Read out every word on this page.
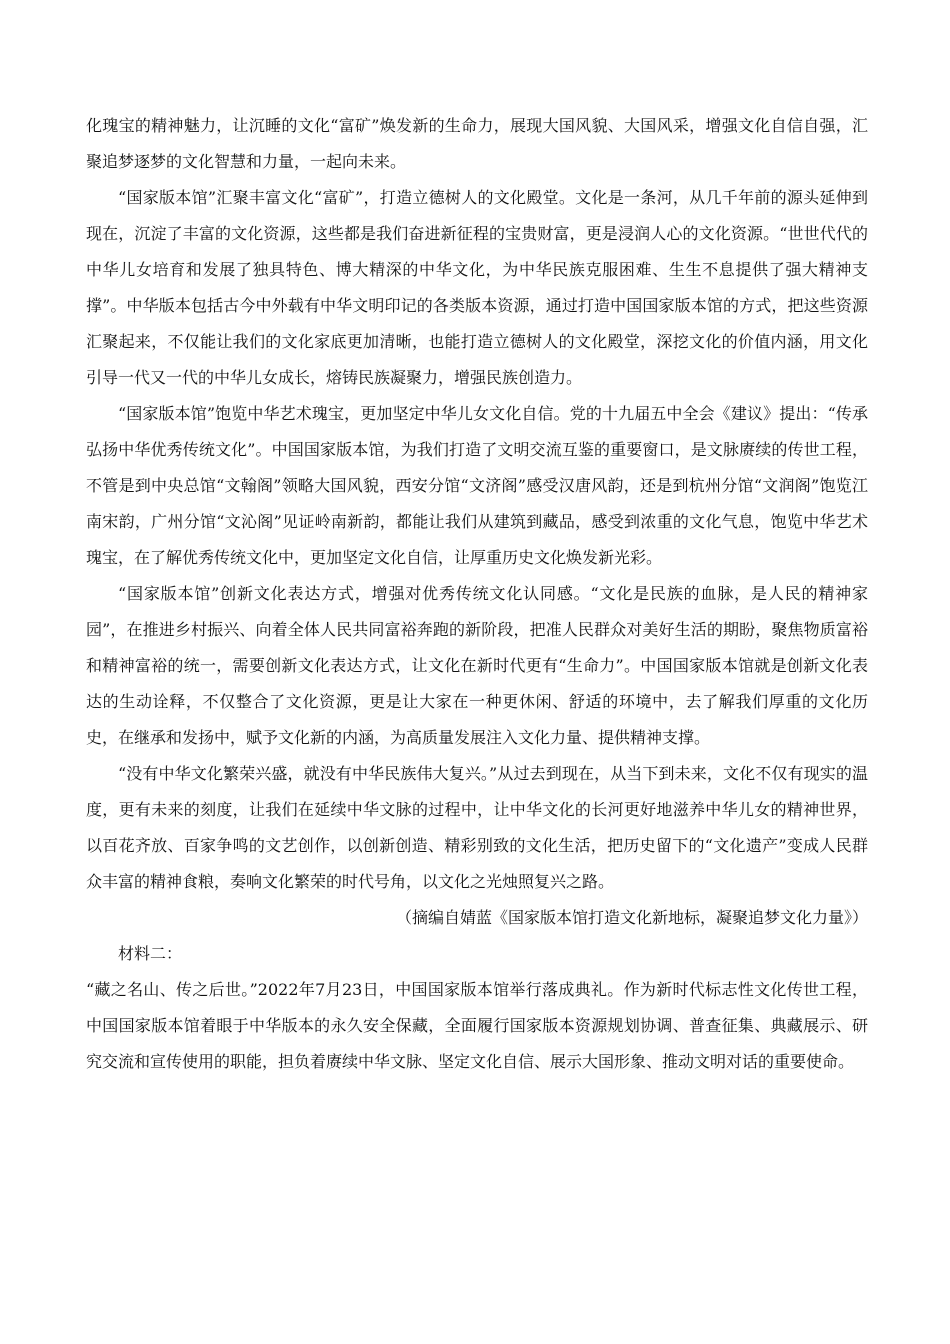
化瑰宝的精神魅力，让沉睡的文化“富矿”焕发新的生命力，展现大国风貌、大国风采，增强文化自信自强，汇聚追梦逐梦的文化智慧和力量，一起向未来。

“国家版本馆”汇聚丰富文化“富矿”，打造立德树人的文化殿堂。文化是一条河，从几千年前的源头延伸到现在，沉淀了丰富的文化资源，这些都是我们奋进新征程的宝贵财富，更是浸润人心的文化资源。“世世代代的中华儿女培育和发展了独具特色、博大精深的中华文化，为中华民族克服困难、生生不息提供了强大精神支撑”。中华版本包括古今中外载有中华文明印记的各类版本资源，通过打造中国国家版本馆的方式，把这些资源汇聚起来，不仅能让我们的文化家底更加清晰，也能打造立德树人的文化殿堂，深挖文化的价值内涵，用文化引导一代又一代的中华儿女成长，熔铸民族凝聚力，增强民族创造力。

“国家版本馆”饱览中华艺术瑰宝，更加坚定中华儿女文化自信。党的十九届五中全会《建议》提出：“传承弘扬中华优秀传统文化”。中国国家版本馆，为我们打造了文明交流互鉴的重要窗口，是文脉赓续的传世工程，不管是到中央总馆“文翰阁”领略大国风貌，西安分馆“文济阁”感受汉唐风韵，还是到杭州分馆“文润阁”饱览江南宋韵，广州分馆“文沁阁”见证岭南新韵，都能让我们从建筑到藏品，感受到浓重的文化气息，饱览中华艺术瑰宝，在了解优秀传统文化中，更加坚定文化自信，让厚重历史文化焕发新光彩。

“国家版本馆”创新文化表达方式，增强对优秀传统文化认同感。“文化是民族的血脉，是人民的精神家园”，在推进乡村振兴、向着全体人民共同富裕奔跑的新阶段，把准人民群众对美好生活的期盼，聚焦物质富裕和精神富裕的统一，需要创新文化表达方式，让文化在新时代更有“生命力”。中国国家版本馆就是创新文化表达的生动诠释，不仅整合了文化资源，更是让大家在一种更休闲、舒适的环境中，去了解我们厚重的文化历史，在继承和发扬中，赋予文化新的内涵，为高质量发展注入文化力量、提供精神支撑。

“没有中华文化繁荣兴盛，就没有中华民族伟大复兴。”从过去到现在，从当下到未来，文化不仅有现实的温度，更有未来的刻度，让我们在延续中华文脉的过程中，让中华文化的长河更好地滋养中华儿女的精神世界，以百花齐放、百家争鸣的文艺创作，以创新创造、精彩别致的文化生活，把历史留下的“文化遗产”变成人民群众丰富的精神食粮，奏响文化繁荣的时代号角，以文化之光烛照复兴之路。

（摘编自婧蓝《国家版本馆打造文化新地标，凝聚追梦文化力量》）

材料二：

“藏之名山、传之后世。”2022年7月23日，中国国家版本馆举行落成典礼。作为新时代标志性文化传世工程，中国国家版本馆着眼于中华版本的永久安全保藏，全面履行国家版本资源规划协调、普查征集、典藏展示、研究交流和宣传使用的职能，担负着赓续中华文脉、坚定文化自信、展示大国形象、推动文明对话的重要使命。
